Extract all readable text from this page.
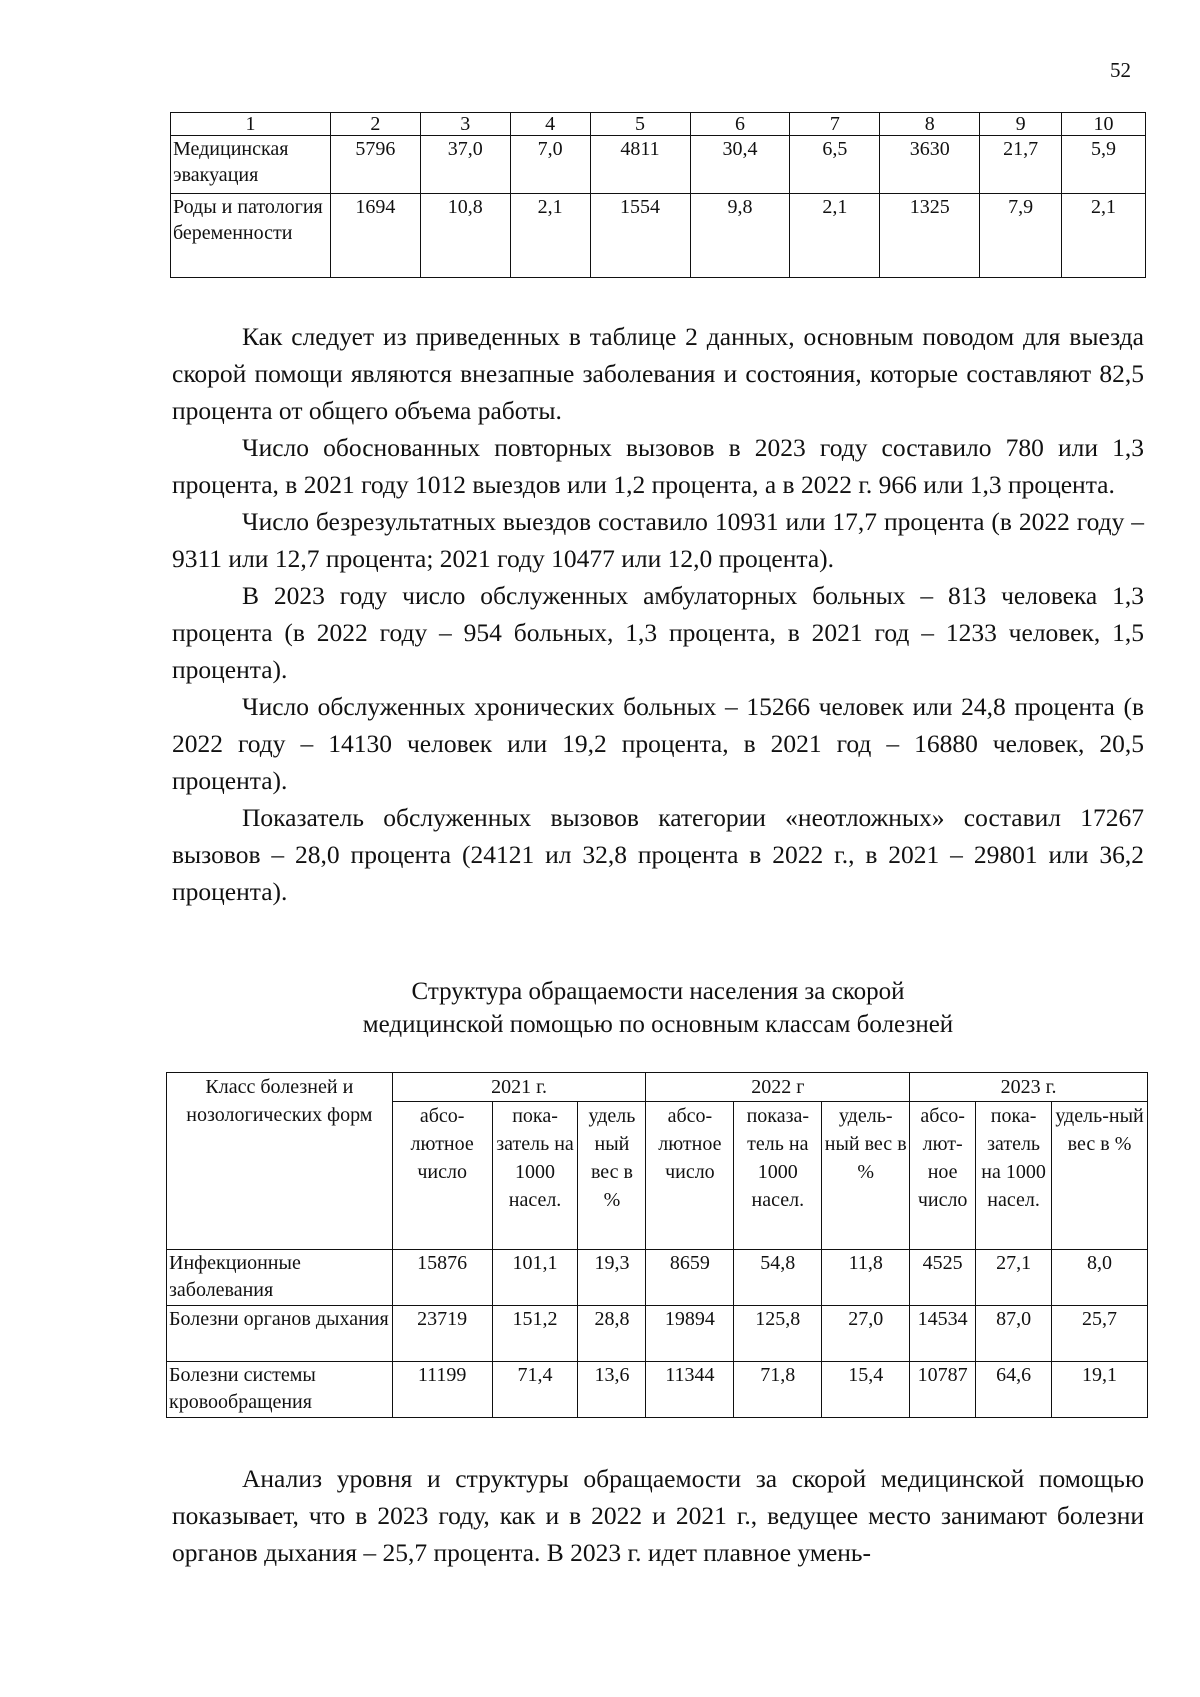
52
1	2	3	4	5	6	7	8	9	10
Медицинская эвакуация	5796	37,0	7,0	4811	30,4	6,5	3630	21,7	5,9
Роды и патология беременности	1694	10,8	2,1	1554	9,8	2,1	1325	7,9	2,1

Как следует из приведенных в таблице 2 данных, основным поводом для выезда скорой помощи являются внезапные заболевания и состояния, которые составляют 82,5 процента от общего объема работы.

Число обоснованных повторных вызовов в 2023 году составило 780 или 1,3 процента, в 2021 году 1012 выездов или 1,2 процента, а в 2022 г. 966 или 1,3 процента.

Число безрезультатных выездов составило 10931 или 17,7 процента (в 2022 году – 9311 или 12,7 процента; 2021 году 10477 или 12,0 процента).

В 2023 году число обслуженных амбулаторных больных – 813 человека 1,3 процента (в 2022 году – 954 больных, 1,3 процента, в 2021 год – 1233 человек, 1,5 процента).

Число обслуженных хронических больных – 15266 человек или 24,8 процента (в 2022 году – 14130 человек или 19,2 процента, в 2021 год – 16880 человек, 20,5 процента).

Показатель обслуженных вызовов категории «неотложных» составил 17267 вызовов – 28,0 процента (24121 ил 32,8 процента в 2022 г., в 2021 – 29801 или 36,2 процента).

Структура обращаемости населения за скорой
медицинской помощью по основным классам болезней
Класс болезней и нозологических форм	2021 г.			2022 г			2023 г.		
	абсо-лютное число	пока-затель на 1000 насел.	удель ный вес в %	абсо-лютное число	показа-тель на 1000 насел.	удель-ный вес в %	абсо-лют-ное число	пока-затель на 1000 насел.	удель-ный вес в %
Инфекционные заболевания	15876	101,1	19,3	8659	54,8	11,8	4525	27,1	8,0
Болезни органов дыхания	23719	151,2	28,8	19894	125,8	27,0	14534	87,0	25,7
Болезни системы кровообращения	11199	71,4	13,6	11344	71,8	15,4	10787	64,6	19,1

Анализ уровня и структуры обращаемости за скорой медицинской помощью показывает, что в 2023 году, как и в 2022 и 2021 г., ведущее место занимают болезни органов дыхания – 25,7 процента. В 2023 г. идет плавное умень-
